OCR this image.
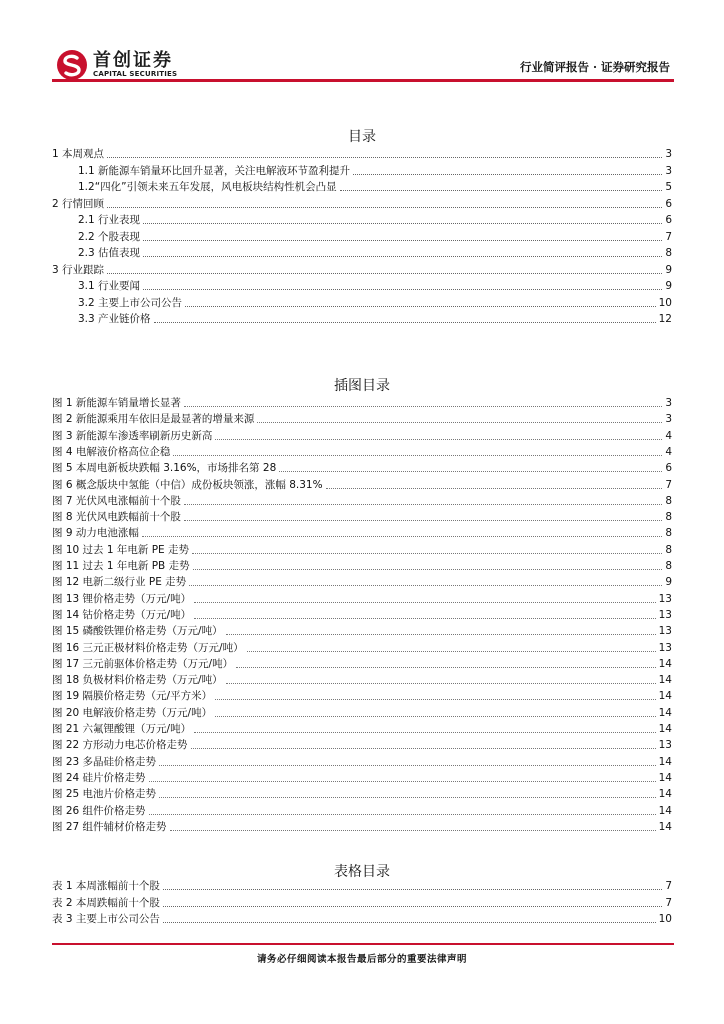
首创证券
CAPITAL SECURITIES	行业简评报告 · 证券研究报告
目录
1 本周观点	3
1.1 新能源车销量环比回升显著，关注电解液环节盈利提升	3
1.2“四化”引领未来五年发展，风电板块结构性机会凸显	5
2 行情回顾	6
2.1 行业表现	6
2.2 个股表现	7
2.3 估值表现	8
3 行业跟踪	9
3.1 行业要闻	9
3.2 主要上市公司公告	10
3.3 产业链价格	12
插图目录
图 1 新能源车销量增长显著	3
图 2 新能源乘用车依旧是最显著的增量来源	3
图 3 新能源车渗透率刷新历史新高	4
图 4 电解液价格高位企稳	4
图 5 本周电新板块跌幅 3.16%，市场排名第 28	6
图 6 概念版块中氢能（中信）成份板块领涨，涨幅 8.31%	7
图 7 光伏风电涨幅前十个股	8
图 8 光伏风电跌幅前十个股	8
图 9 动力电池涨幅	8
图 10 过去 1 年电新 PE 走势	8
图 11 过去 1 年电新 PB 走势	8
图 12 电新二级行业 PE 走势	9
图 13 锂价格走势（万元/吨）	13
图 14 钴价格走势（万元/吨）	13
图 15 磷酸铁锂价格走势（万元/吨）	13
图 16 三元正极材料价格走势（万元/吨）	13
图 17 三元前驱体价格走势（万元/吨）	14
图 18 负极材料价格走势（万元/吨）	14
图 19 隔膜价格走势（元/平方米）	14
图 20 电解液价格走势（万元/吨）	14
图 21 六氟锂酸锂（万元/吨）	14
图 22 方形动力电芯价格走势	13
图 23 多晶硅价格走势	14
图 24 硅片价格走势	14
图 25 电池片价格走势	14
图 26 组件价格走势	14
图 27 组件辅材价格走势	14
表格目录
表 1 本周涨幅前十个股	7
表 2 本周跌幅前十个股	7
表 3 主要上市公司公告	10
请务必仔细阅读本报告最后部分的重要法律声明
